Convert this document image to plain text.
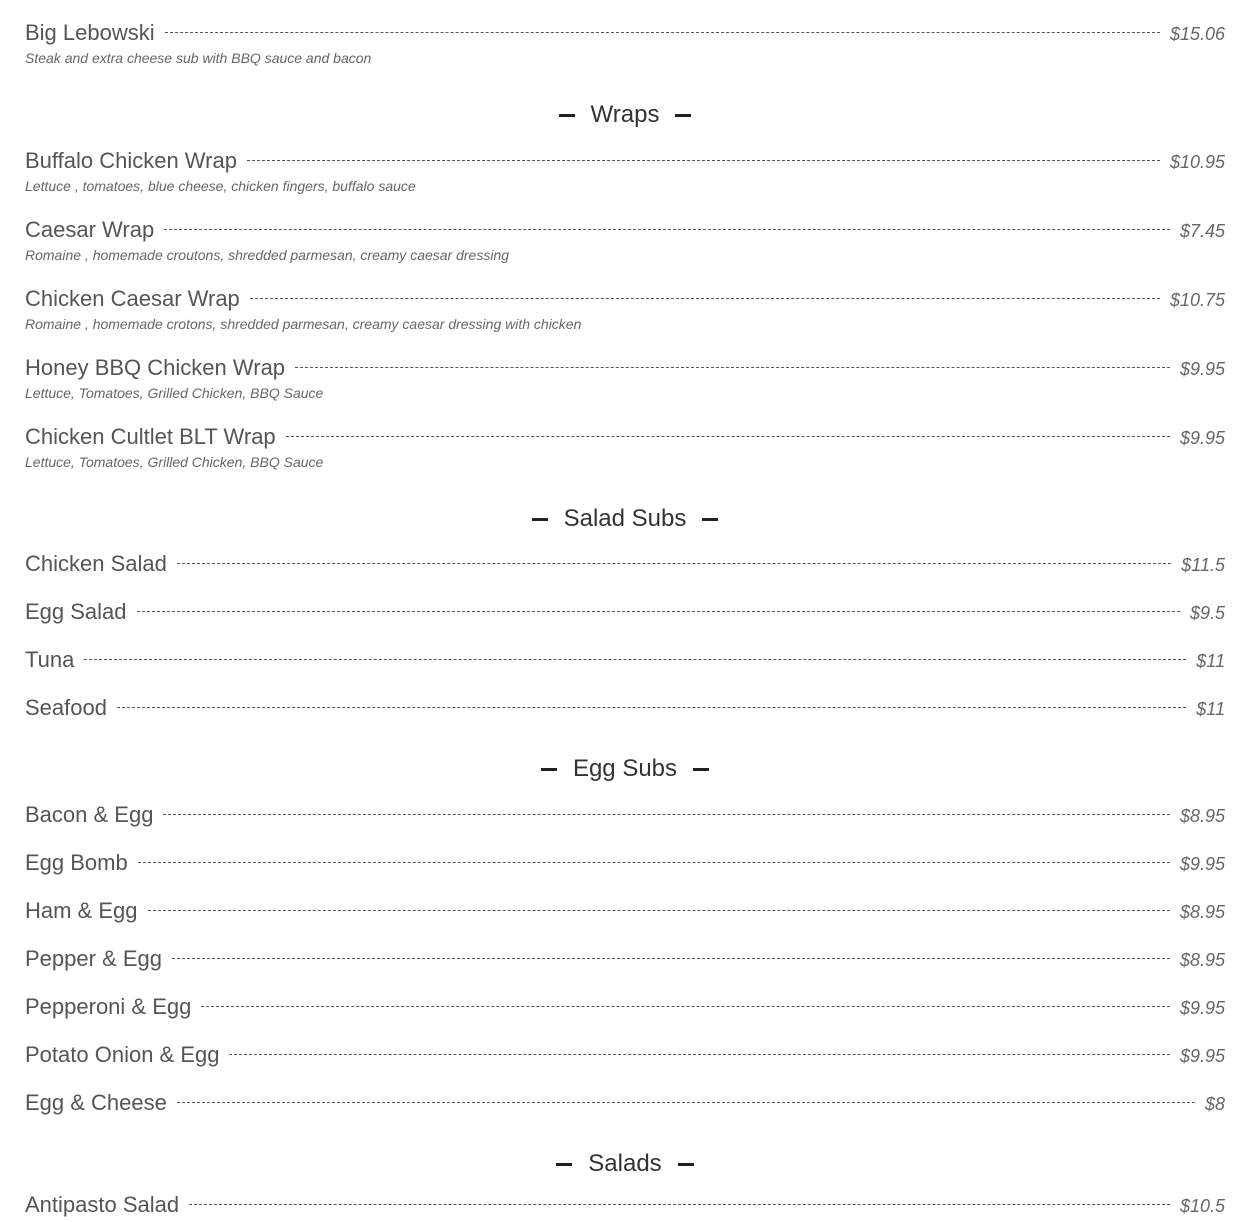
Big Lebowski	$15.06
Steak and extra cheese sub with BBQ sauce and bacon
Wraps
Buffalo Chicken Wrap	$10.95
Lettuce , tomatoes, blue cheese, chicken fingers, buffalo sauce
Caesar Wrap	$7.45
Romaine , homemade croutons, shredded parmesan, creamy caesar dressing
Chicken Caesar Wrap	$10.75
Romaine , homemade crotons, shredded parmesan, creamy caesar dressing with chicken
Honey BBQ Chicken Wrap	$9.95
Lettuce, Tomatoes, Grilled Chicken, BBQ Sauce
Chicken Cultlet BLT Wrap	$9.95
Lettuce, Tomatoes, Grilled Chicken, BBQ Sauce
Salad Subs
Chicken Salad	$11.5
Egg Salad	$9.5
Tuna	$11
Seafood	$11
Egg Subs
Bacon & Egg	$8.95
Egg Bomb	$9.95
Ham & Egg	$8.95
Pepper & Egg	$8.95
Pepperoni & Egg	$9.95
Potato Onion & Egg	$9.95
Egg & Cheese	$8
Salads
Antipasto Salad	$10.5
